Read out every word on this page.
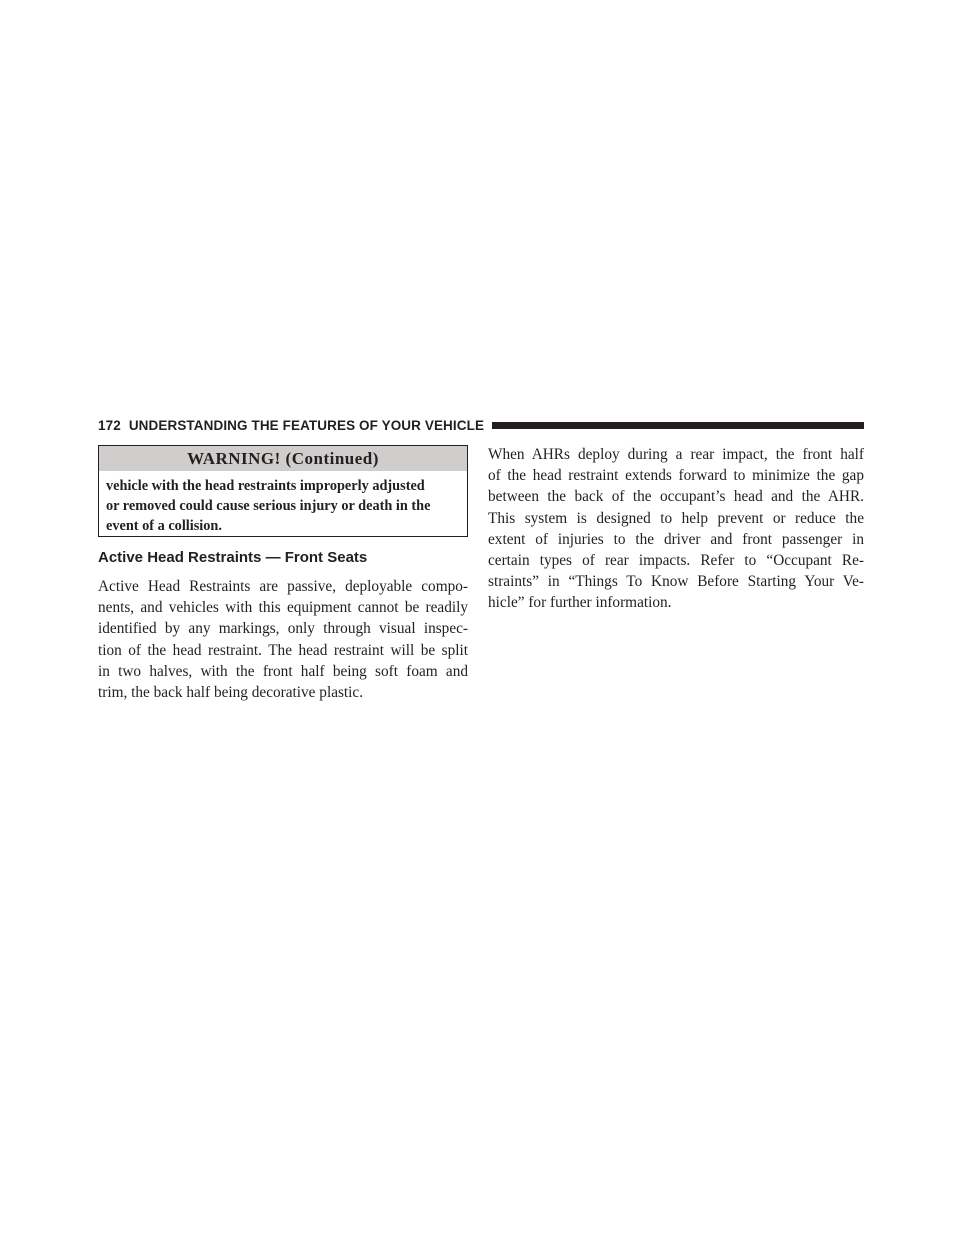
172 UNDERSTANDING THE FEATURES OF YOUR VEHICLE
WARNING! (Continued)
vehicle with the head restraints improperly adjusted
or removed could cause serious injury or death in the
event of a collision.
Active Head Restraints — Front Seats
Active Head Restraints are passive, deployable compo-
nents, and vehicles with this equipment cannot be readily
identified by any markings, only through visual inspec-
tion of the head restraint. The head restraint will be split
in two halves, with the front half being soft foam and
trim, the back half being decorative plastic.
When AHRs deploy during a rear impact, the front half
of the head restraint extends forward to minimize the gap
between the back of the occupant’s head and the AHR.
This system is designed to help prevent or reduce the
extent of injuries to the driver and front passenger in
certain types of rear impacts. Refer to “Occupant Re-
straints” in “Things To Know Before Starting Your Ve-
hicle” for further information.
